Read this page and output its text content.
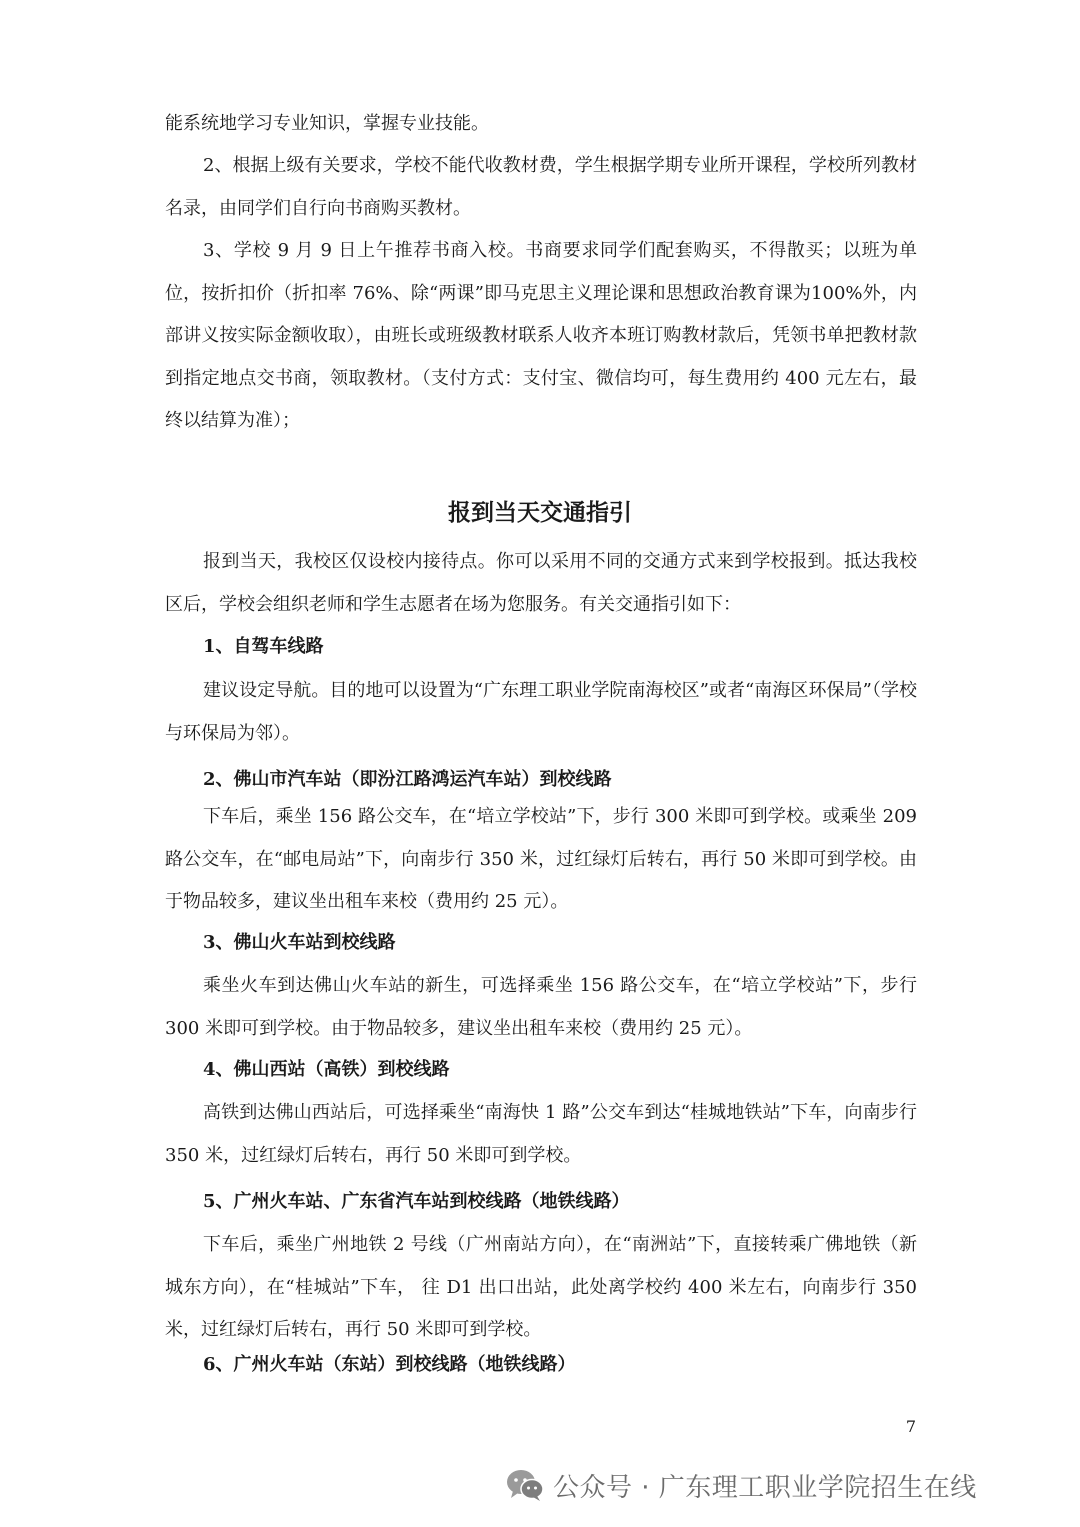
能系统地学习专业知识，掌握专业技能。

2、根据上级有关要求，学校不能代收教材费，学生根据学期专业所开课程，学校所列教材名录，由同学们自行向书商购买教材。

3、学校 9 月 9 日上午推荐书商入校。书商要求同学们配套购买，不得散买；以班为单位，按折扣价（折扣率 76%、除“两课”即马克思主义理论课和思想政治教育课为100%外，内部讲义按实际金额收取），由班长或班级教材联系人收齐本班订购教材款后，凭领书单把教材款到指定地点交书商，领取教材。（支付方式：支付宝、微信均可，每生费用约 400 元左右，最终以结算为准）；

报到当天交通指引

报到当天，我校区仅设校内接待点。你可以采用不同的交通方式来到学校报到。抵达我校区后，学校会组织老师和学生志愿者在场为您服务。有关交通指引如下：

1、自驾车线路

建议设定导航。目的地可以设置为“广东理工职业学院南海校区”或者“南海区环保局”（学校与环保局为邻）。

2、佛山市汽车站（即汾江路鸿运汽车站）到校线路

下车后，乘坐 156 路公交车，在“培立学校站”下，步行 300 米即可到学校。或乘坐 209 路公交车，在“邮电局站”下，向南步行 350 米，过红绿灯后转右，再行 50 米即可到学校。由于物品较多，建议坐出租车来校（费用约 25 元）。

3、佛山火车站到校线路

乘坐火车到达佛山火车站的新生，可选择乘坐 156 路公交车，在“培立学校站”下，步行 300 米即可到学校。由于物品较多，建议坐出租车来校（费用约 25 元）。

4、佛山西站（高铁）到校线路

高铁到达佛山西站后，可选择乘坐“南海快 1 路”公交车到达“桂城地铁站”下车，向南步行 350 米，过红绿灯后转右，再行 50 米即可到学校。

5、广州火车站、广东省汽车站到校线路（地铁线路）

下车后，乘坐广州地铁 2 号线（广州南站方向），在“南洲站”下，直接转乘广佛地铁（新城东方向），在“桂城站”下车， 往 D1 出口出站，此处离学校约 400 米左右，向南步行 350 米，过红绿灯后转右，再行 50 米即可到学校。

6、广州火车站（东站）到校线路（地铁线路）
7
公众号 · 广东理工职业学院招生在线
